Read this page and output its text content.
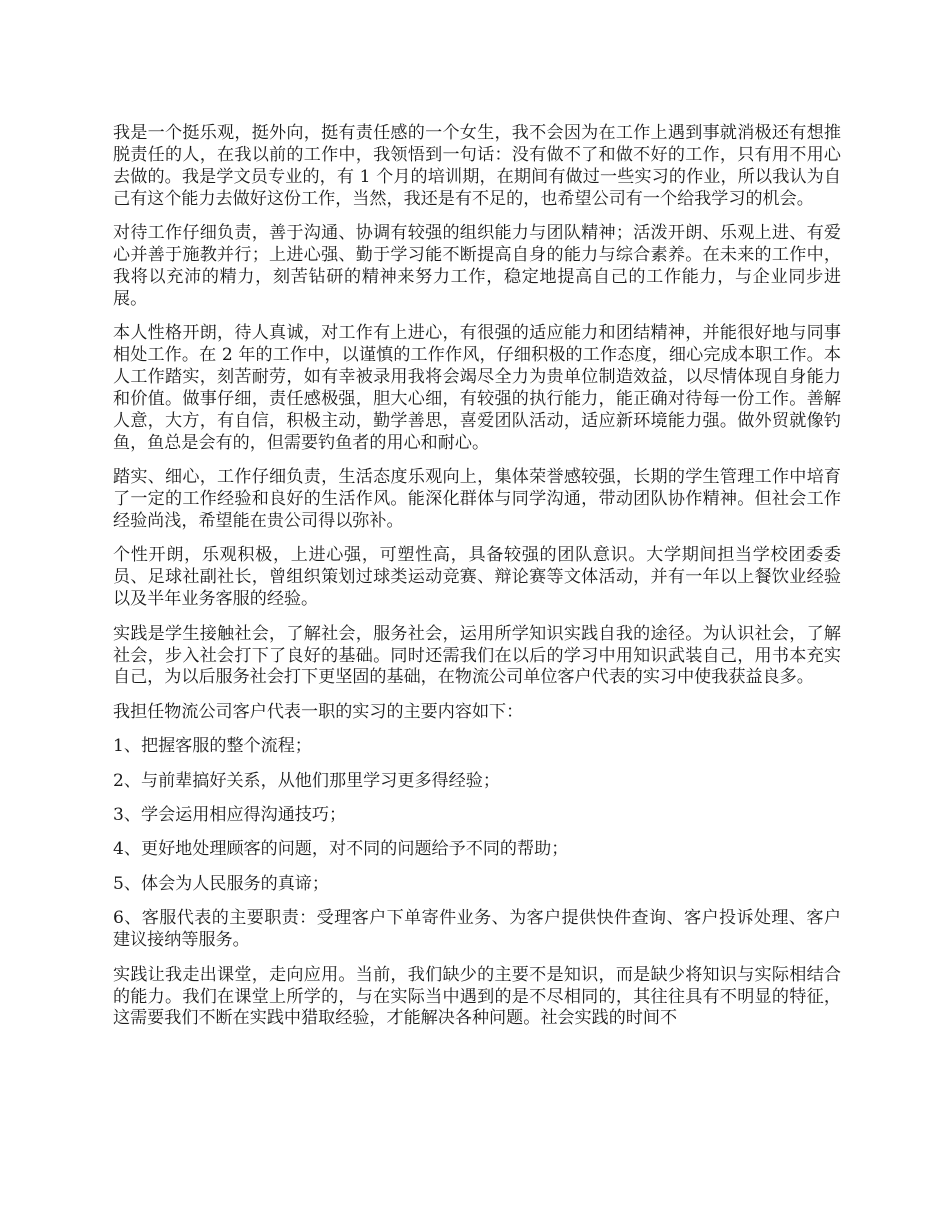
我是一个挺乐观，挺外向，挺有责任感的一个女生，我不会因为在工作上遇到事就消极还有想推脱责任的人，在我以前的工作中，我领悟到一句话：没有做不了和做不好的工作，只有用不用心去做的。我是学文员专业的，有 1 个月的培训期，在期间有做过一些实习的作业，所以我认为自己有这个能力去做好这份工作，当然，我还是有不足的，也希望公司有一个给我学习的机会。

对待工作仔细负责，善于沟通、协调有较强的组织能力与团队精神；活泼开朗、乐观上进、有爱心并善于施教并行；上进心强、勤于学习能不断提高自身的能力与综合素养。在未来的工作中，我将以充沛的精力，刻苦钻研的精神来努力工作，稳定地提高自己的工作能力，与企业同步进展。

本人性格开朗，待人真诚，对工作有上进心，有很强的适应能力和团结精神，并能很好地与同事相处工作。在 2 年的工作中，以谨慎的工作作风，仔细积极的工作态度，细心完成本职工作。本人工作踏实，刻苦耐劳，如有幸被录用我将会竭尽全力为贵单位制造效益，以尽情体现自身能力和价值。做事仔细，责任感极强，胆大心细，有较强的执行能力，能正确对待每一份工作。善解人意，大方，有自信，积极主动，勤学善思，喜爱团队活动，适应新环境能力强。做外贸就像钓鱼，鱼总是会有的，但需要钓鱼者的用心和耐心。

踏实、细心，工作仔细负责，生活态度乐观向上，集体荣誉感较强，长期的学生管理工作中培育了一定的工作经验和良好的生活作风。能深化群体与同学沟通，带动团队协作精神。但社会工作经验尚浅，希望能在贵公司得以弥补。

个性开朗，乐观积极，上进心强，可塑性高，具备较强的团队意识。大学期间担当学校团委委员、足球社副社长，曾组织策划过球类运动竞赛、辩论赛等文体活动，并有一年以上餐饮业经验以及半年业务客服的经验。

实践是学生接触社会，了解社会，服务社会，运用所学知识实践自我的途径。为认识社会，了解社会，步入社会打下了良好的基础。同时还需我们在以后的学习中用知识武装自己，用书本充实自己，为以后服务社会打下更坚固的基础，在物流公司单位客户代表的实习中使我获益良多。

我担任物流公司客户代表一职的实习的主要内容如下：

1、把握客服的整个流程；

2、与前辈搞好关系，从他们那里学习更多得经验；

3、学会运用相应得沟通技巧；

4、更好地处理顾客的问题，对不同的问题给予不同的帮助；

5、体会为人民服务的真谛；

6、客服代表的主要职责：受理客户下单寄件业务、为客户提供快件查询、客户投诉处理、客户建议接纳等服务。

实践让我走出课堂，走向应用。当前，我们缺少的主要不是知识，而是缺少将知识与实际相结合的能力。我们在课堂上所学的，与在实际当中遇到的是不尽相同的，其往往具有不明显的特征，这需要我们不断在实践中猎取经验，才能解决各种问题。社会实践的时间不
